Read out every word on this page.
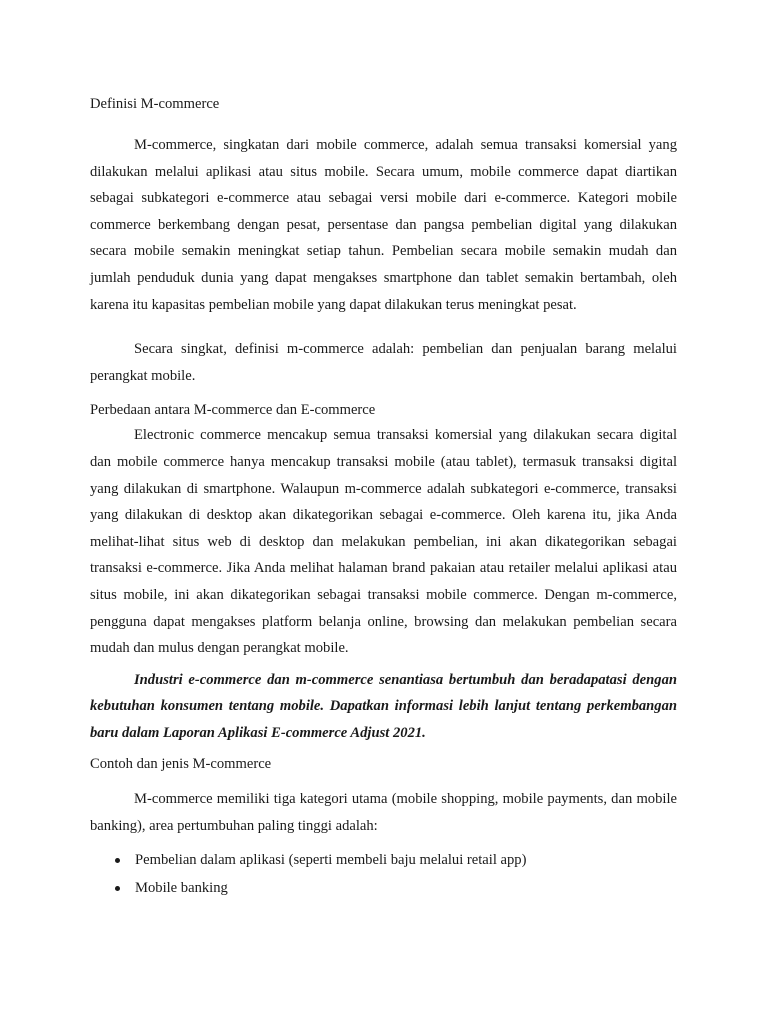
Definisi M-commerce

M-commerce, singkatan dari mobile commerce, adalah semua transaksi komersial yang dilakukan melalui aplikasi atau situs mobile. Secara umum, mobile commerce dapat diartikan sebagai subkategori e-commerce atau sebagai versi mobile dari e-commerce. Kategori mobile commerce berkembang dengan pesat, persentase dan pangsa pembelian digital yang dilakukan secara mobile semakin meningkat setiap tahun. Pembelian secara mobile semakin mudah dan jumlah penduduk dunia yang dapat mengakses smartphone dan tablet semakin bertambah, oleh karena itu kapasitas pembelian mobile yang dapat dilakukan terus meningkat pesat.

Secara singkat, definisi m-commerce adalah: pembelian dan penjualan barang melalui perangkat mobile.

Perbedaan antara M-commerce dan E-commerce

Electronic commerce mencakup semua transaksi komersial yang dilakukan secara digital dan mobile commerce hanya mencakup transaksi mobile (atau tablet), termasuk transaksi digital yang dilakukan di smartphone. Walaupun m-commerce adalah subkategori e-commerce, transaksi yang dilakukan di desktop akan dikategorikan sebagai e-commerce. Oleh karena itu, jika Anda melihat-lihat situs web di desktop dan melakukan pembelian, ini akan dikategorikan sebagai transaksi e-commerce. Jika Anda melihat halaman brand pakaian atau retailer melalui aplikasi atau situs mobile, ini akan dikategorikan sebagai transaksi mobile commerce. Dengan m-commerce, pengguna dapat mengakses platform belanja online, browsing dan melakukan pembelian secara mudah dan mulus dengan perangkat mobile.

Industri e-commerce dan m-commerce senantiasa bertumbuh dan beradapatasi dengan kebutuhan konsumen tentang mobile. Dapatkan informasi lebih lanjut tentang perkembangan baru dalam Laporan Aplikasi E-commerce Adjust 2021.

Contoh dan jenis M-commerce

M-commerce memiliki tiga kategori utama (mobile shopping, mobile payments, dan mobile banking), area pertumbuhan paling tinggi adalah:

Pembelian dalam aplikasi (seperti membeli baju melalui retail app)
Mobile banking
